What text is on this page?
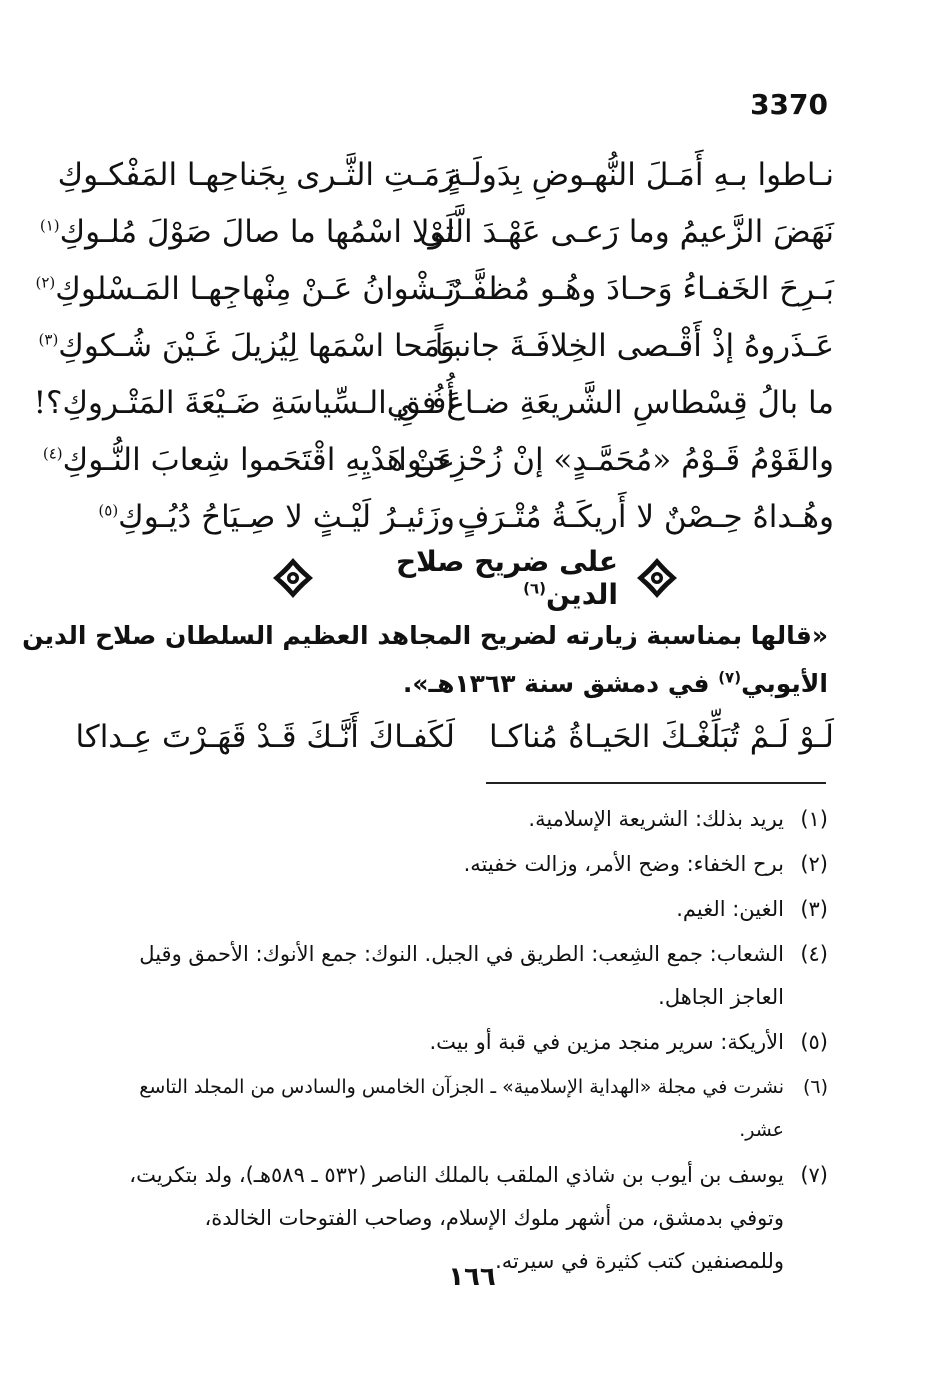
3370
نـاطوا بـهِ أَمَـلَ النُّهـوضِ بِدَولَـةٍ
رَمَـتِ الثَّـرى بِجَناحِهـا المَفْكـوكِ
نَهَضَ الزَّعيمُ وما رَعـى عَهْـدَ الَّتي
لَوْلا اسْمُها ما صالَ صَوْلَ مُلـوكِ$^{(١)}$
بَـرِحَ الخَفـاءُ وَحـادَ وهُـو مُظفَّـرٌ
نَـشْوانُ عَـنْ مِنْهاجِهـا المَـسْلوكِ$^{(٢)}$
عَـذَروهُ إذْ أَقْـصى الخِلافَـةَ جانبـاً
وَمَحا اسْمَها لِيُزيلَ غَـيْنَ شُـكوكِ$^{(٣)}$
ما بالُ قِسْطاسِ الشَّريعَةِ ضـاعَ فـي
أُفُـقِ الـسِّياسَةِ ضَـيْعَةَ المَتْـروكِ؟!
والقَوْمُ قَـوْمُ «مُحَمَّـدٍ» إنْ زُحْزِحـوا
عَنْ هَدْيِهِ اقْتَحَموا شِعابَ النُّـوكِ$^{(٤)}$
وهُـداهُ حِـصْنٌ لا أَريكَـةُ مُتْـرَفٍ
وزَئيـرُ لَيْـثٍ لا صِـيَاحُ دُيُـوكِ$^{(٥)}$
على ضريح صلاح الدين$^{(٦)}$
«قالها بمناسبة زيارته لضريح المجاهد العظيم السلطان صلاح الدين
الأيوبي$^{(٧)}$ في دمشق سنة ١٣٦٣هـ».
لَـوْ لَـمْ تُبَلِّغْـكَ الحَيـاةُ مُناكـا
لَكَفـاكَ أَنَّـكَ قَـدْ قَهَـرْتَ عِـداكا
(١)
يريد بذلك: الشريعة الإسلامية.
(٢)
برح الخفاء: وضح الأمر، وزالت خفيته.
(٣)
الغين: الغيم.
(٤)
الشعاب: جمع الشِعب: الطريق في الجبل. النوك: جمع الأنوك: الأحمق وقيل العاجز الجاهل.
(٥)
الأريكة: سرير منجد مزين في قبة أو بيت.
(٦)
نشرت في مجلة «الهداية الإسلامية» ـ الجزآن الخامس والسادس من المجلد التاسع عشر.
(٧)
يوسف بن أيوب بن شاذي الملقب بالملك الناصر (٥٣٢ ـ ٥٨٩هـ)، ولد بتكريت، وتوفي بدمشق، من أشهر ملوك الإسلام، وصاحب الفتوحات الخالدة، وللمصنفين كتب كثيرة في سيرته.
١٦٦
